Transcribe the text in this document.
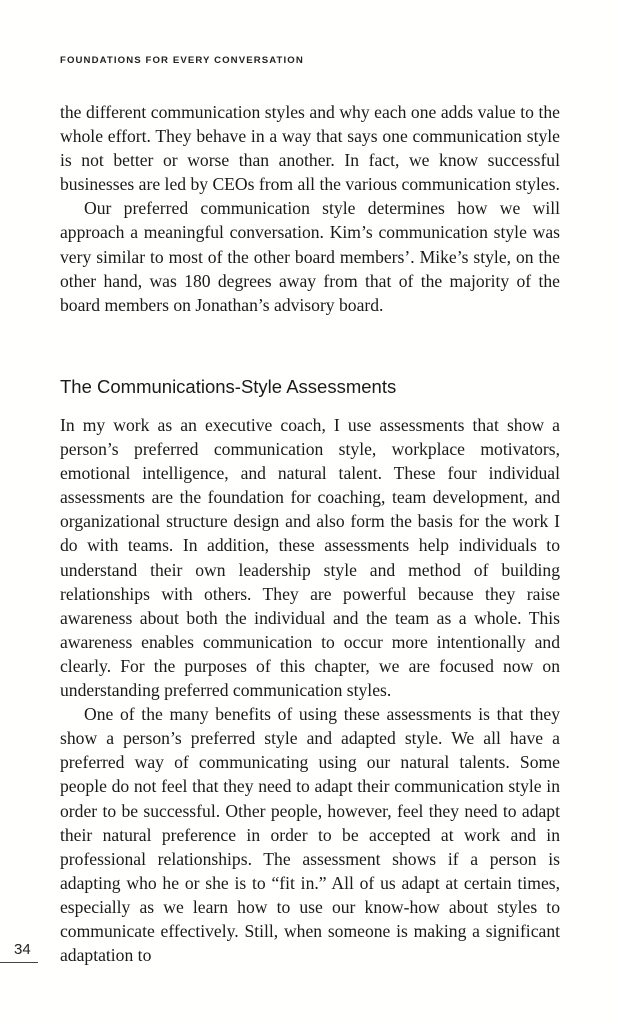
FOUNDATIONS FOR EVERY CONVERSATION

the different communication styles and why each one adds value to the whole effort. They behave in a way that says one communication style is not better or worse than another. In fact, we know successful businesses are led by CEOs from all the various communication styles.

Our preferred communication style determines how we will approach a meaningful conversation. Kim’s communication style was very similar to most of the other board members’. Mike’s style, on the other hand, was 180 degrees away from that of the majority of the board members on Jonathan’s advisory board.

The Communications-Style Assessments

In my work as an executive coach, I use assessments that show a person’s preferred communication style, workplace motivators, emotional intelligence, and natural talent. These four individual assessments are the foundation for coaching, team development, and organizational structure design and also form the basis for the work I do with teams. In addition, these assessments help individuals to understand their own leadership style and method of building relationships with others. They are powerful because they raise awareness about both the individual and the team as a whole. This awareness enables communication to occur more intentionally and clearly. For the purposes of this chapter, we are focused now on understanding preferred communication styles.

One of the many benefits of using these assessments is that they show a person’s preferred style and adapted style. We all have a preferred way of communicating using our natural talents. Some people do not feel that they need to adapt their communication style in order to be successful. Other people, however, feel they need to adapt their natural preference in order to be accepted at work and in professional relationships. The assessment shows if a person is adapting who he or she is to “fit in.” All of us adapt at certain times, especially as we learn how to use our know-how about styles to communicate effectively. Still, when someone is making a significant adaptation to

34
